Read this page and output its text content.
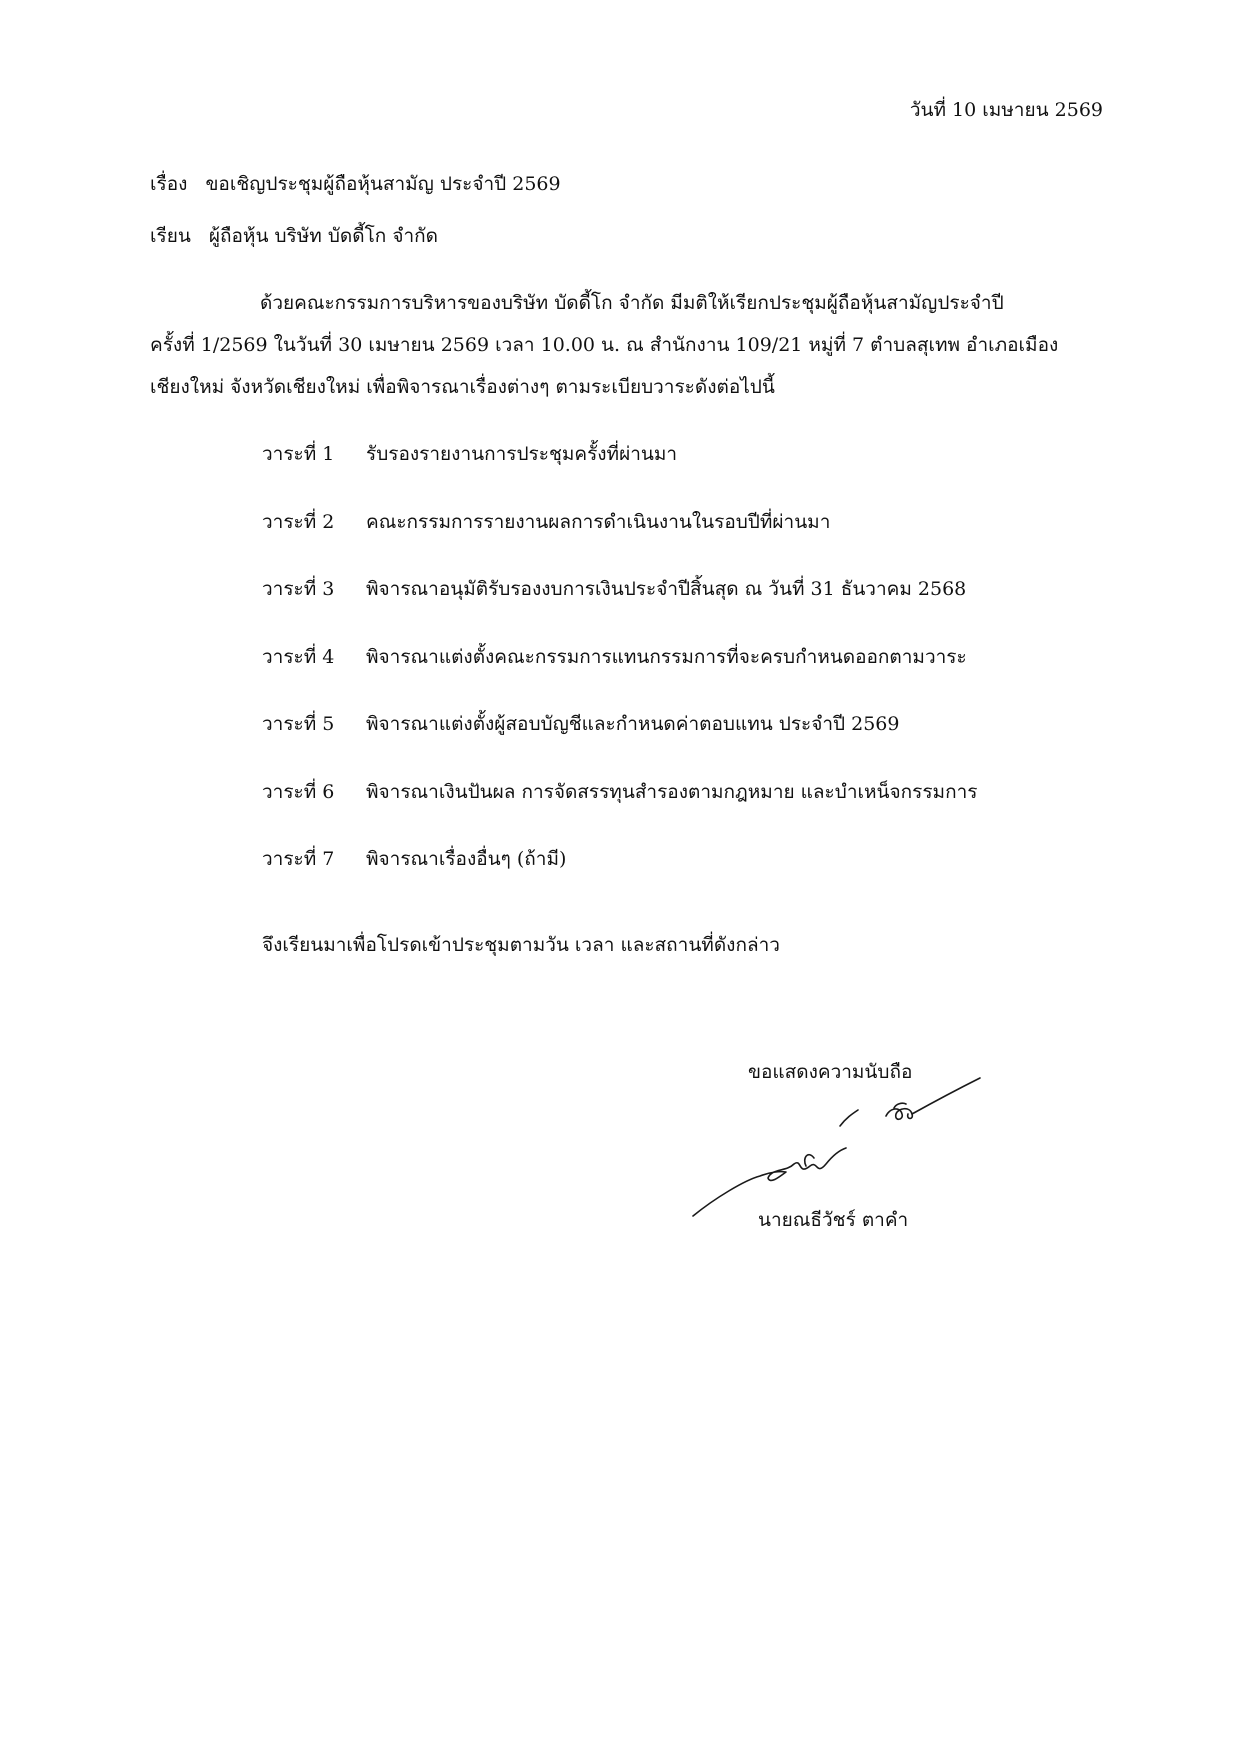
วันที่ 10 เมษายน 2569
เรื่อง ขอเชิญประชุมผู้ถือหุ้นสามัญ ประจำปี 2569
เรียน ผู้ถือหุ้น บริษัท บัดดี้โก จำกัด
ด้วยคณะกรรมการบริหารของบริษัท บัดดี้โก จำกัด มีมติให้เรียกประชุมผู้ถือหุ้นสามัญประจำปี
ครั้งที่ 1/2569 ในวันที่ 30 เมษายน 2569 เวลา 10.00 น. ณ สำนักงาน 109/21 หมู่ที่ 7 ตำบลสุเทพ อำเภอเมือง
เชียงใหม่ จังหวัดเชียงใหม่ เพื่อพิจารณาเรื่องต่างๆ ตามระเบียบวาระดังต่อไปนี้
วาระที่ 1 รับรองรายงานการประชุมครั้งที่ผ่านมา
วาระที่ 2 คณะกรรมการรายงานผลการดำเนินงานในรอบปีที่ผ่านมา
วาระที่ 3 พิจารณาอนุมัติรับรองงบการเงินประจำปีสิ้นสุด ณ วันที่ 31 ธันวาคม 2568
วาระที่ 4 พิจารณาแต่งตั้งคณะกรรมการแทนกรรมการที่จะครบกำหนดออกตามวาระ
วาระที่ 5 พิจารณาแต่งตั้งผู้สอบบัญชีและกำหนดค่าตอบแทน ประจำปี 2569
วาระที่ 6 พิจารณาเงินปันผล การจัดสรรทุนสำรองตามกฎหมาย และบำเหน็จกรรมการ
วาระที่ 7 พิจารณาเรื่องอื่นๆ (ถ้ามี)
จึงเรียนมาเพื่อโปรดเข้าประชุมตามวัน เวลา และสถานที่ดังกล่าว
ขอแสดงความนับถือ
นายณธีวัชร์ ตาคำ
